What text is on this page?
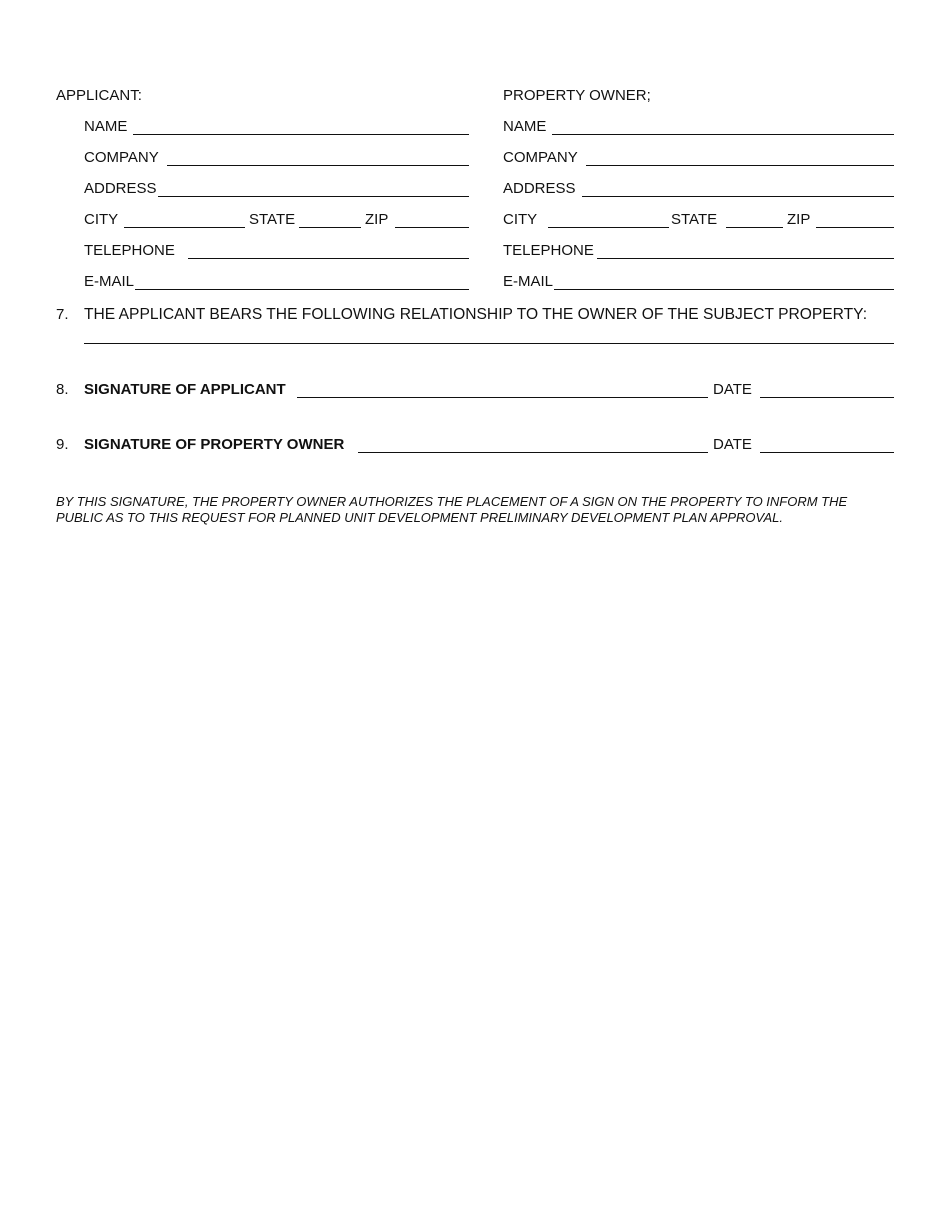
APPLICANT:
NAME
COMPANY
ADDRESS
CITY	STATE	ZIP
TELEPHONE
E-MAIL
PROPERTY OWNER;
NAME
COMPANY
ADDRESS
CITY	STATE	ZIP
TELEPHONE
E-MAIL
7. THE APPLICANT BEARS THE FOLLOWING RELATIONSHIP TO THE OWNER OF THE SUBJECT PROPERTY:
8. SIGNATURE OF APPLICANT	DATE
9. SIGNATURE OF PROPERTY OWNER	DATE
BY THIS SIGNATURE, THE PROPERTY OWNER AUTHORIZES THE PLACEMENT OF A SIGN ON THE PROPERTY TO INFORM THE PUBLIC AS TO THIS REQUEST FOR PLANNED UNIT DEVELOPMENT PRELIMINARY DEVELOPMENT PLAN APPROVAL.
